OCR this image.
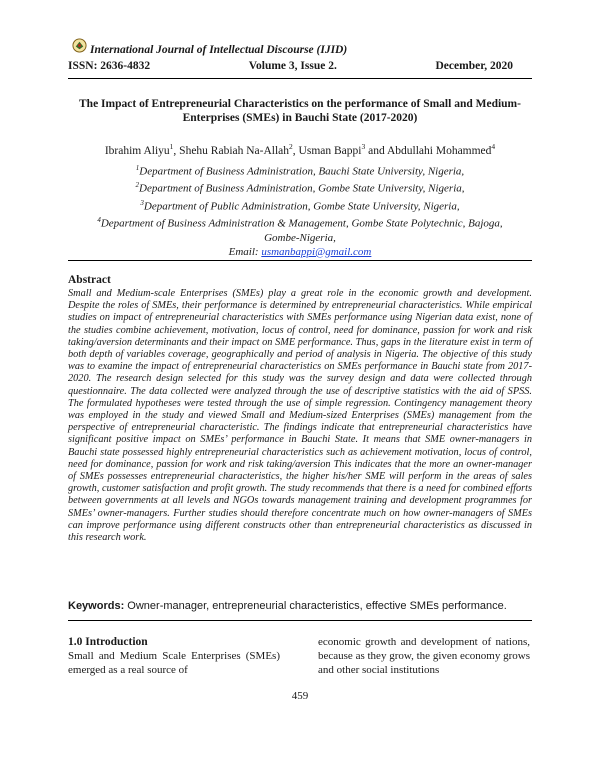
International Journal of Intellectual Discourse (IJID)
ISSN: 2636-4832	Volume 3, Issue 2.	December, 2020
The Impact of Entrepreneurial Characteristics on the performance of Small and Medium-
Enterprises (SMEs) in Bauchi State (2017-2020)
Ibrahim Aliyu$^1$, Shehu Rabiah Na-Allah$^2$, Usman Bappi$^3$ and Abdullahi Mohammed$^4$
$^1$Department of Business Administration, Bauchi State University, Nigeria,
$^2$Department of Business Administration, Gombe State University, Nigeria,
$^3$Department of Public Administration, Gombe State University, Nigeria,
$^4$Department of Business Administration & Management, Gombe State Polytechnic, Bajoga,
Gombe-Nigeria,
Email: usmanbappi@gmail.com
Abstract

Small and Medium-scale Enterprises (SMEs) play a great role in the economic growth and development. Despite the roles of SMEs, their performance is determined by entrepreneurial characteristics. While empirical studies on impact of entrepreneurial characteristics with SMEs performance using Nigerian data exist, none of the studies combine achievement, motivation, locus of control, need for dominance, passion for work and risk taking/aversion determinants and their impact on SME performance. Thus, gaps in the literature exist in term of both depth of variables coverage, geographically and period of analysis in Nigeria. The objective of this study was to examine the impact of entrepreneurial characteristics on SMEs performance in Bauchi state from 2017-2020. The research design selected for this study was the survey design and data were collected through questionnaire. The data collected were analyzed through the use of descriptive statistics with the aid of SPSS. The formulated hypotheses were tested through the use of simple regression. Contingency management theory was employed in the study and viewed Small and Medium-sized Enterprises (SMEs) management from the perspective of entrepreneurial characteristic. The findings indicate that entrepreneurial characteristics have significant positive impact on SMEs’ performance in Bauchi State. It means that SME owner-managers in Bauchi state possessed highly entrepreneurial characteristics such as achievement motivation, locus of control, need for dominance, passion for work and risk taking/aversion This indicates that the more an owner-manager of SMEs possesses entrepreneurial characteristics, the higher his/her SME will perform in the areas of sales growth, customer satisfaction and profit growth. The study recommends that there is a need for combined efforts between governments at all levels and NGOs towards management training and development programmes for SMEs’ owner-managers. Further studies should therefore concentrate much on how owner-managers of SMEs can improve performance using different constructs other than entrepreneurial characteristics as discussed in this research work.

Keywords: Owner-manager, entrepreneurial characteristics, effective SMEs performance.

1.0 Introduction

Small and Medium Scale Enterprises (SMEs) emerged as a real source of

economic growth and development of nations, because as they grow, the given economy grows and other social institutions

459
